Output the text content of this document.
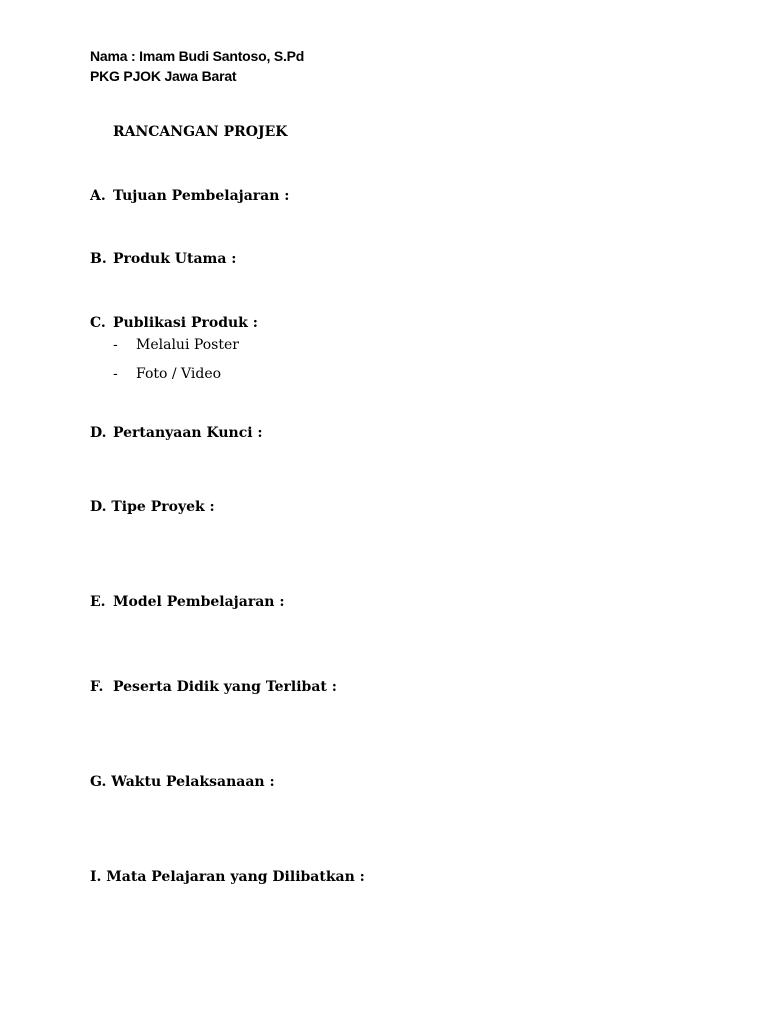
Nama : Imam Budi Santoso, S.Pd
PKG PJOK Jawa Barat
RANCANGAN PROJEK
A. Tujuan Pembelajaran :
B. Produk Utama :
C. Publikasi Produk :
- Melalui Poster
- Foto / Video
D. Pertanyaan Kunci :
D. Tipe Proyek :
E. Model Pembelajaran :
F. Peserta Didik yang Terlibat :
G. Waktu Pelaksanaan :
I. Mata Pelajaran yang Dilibatkan :
